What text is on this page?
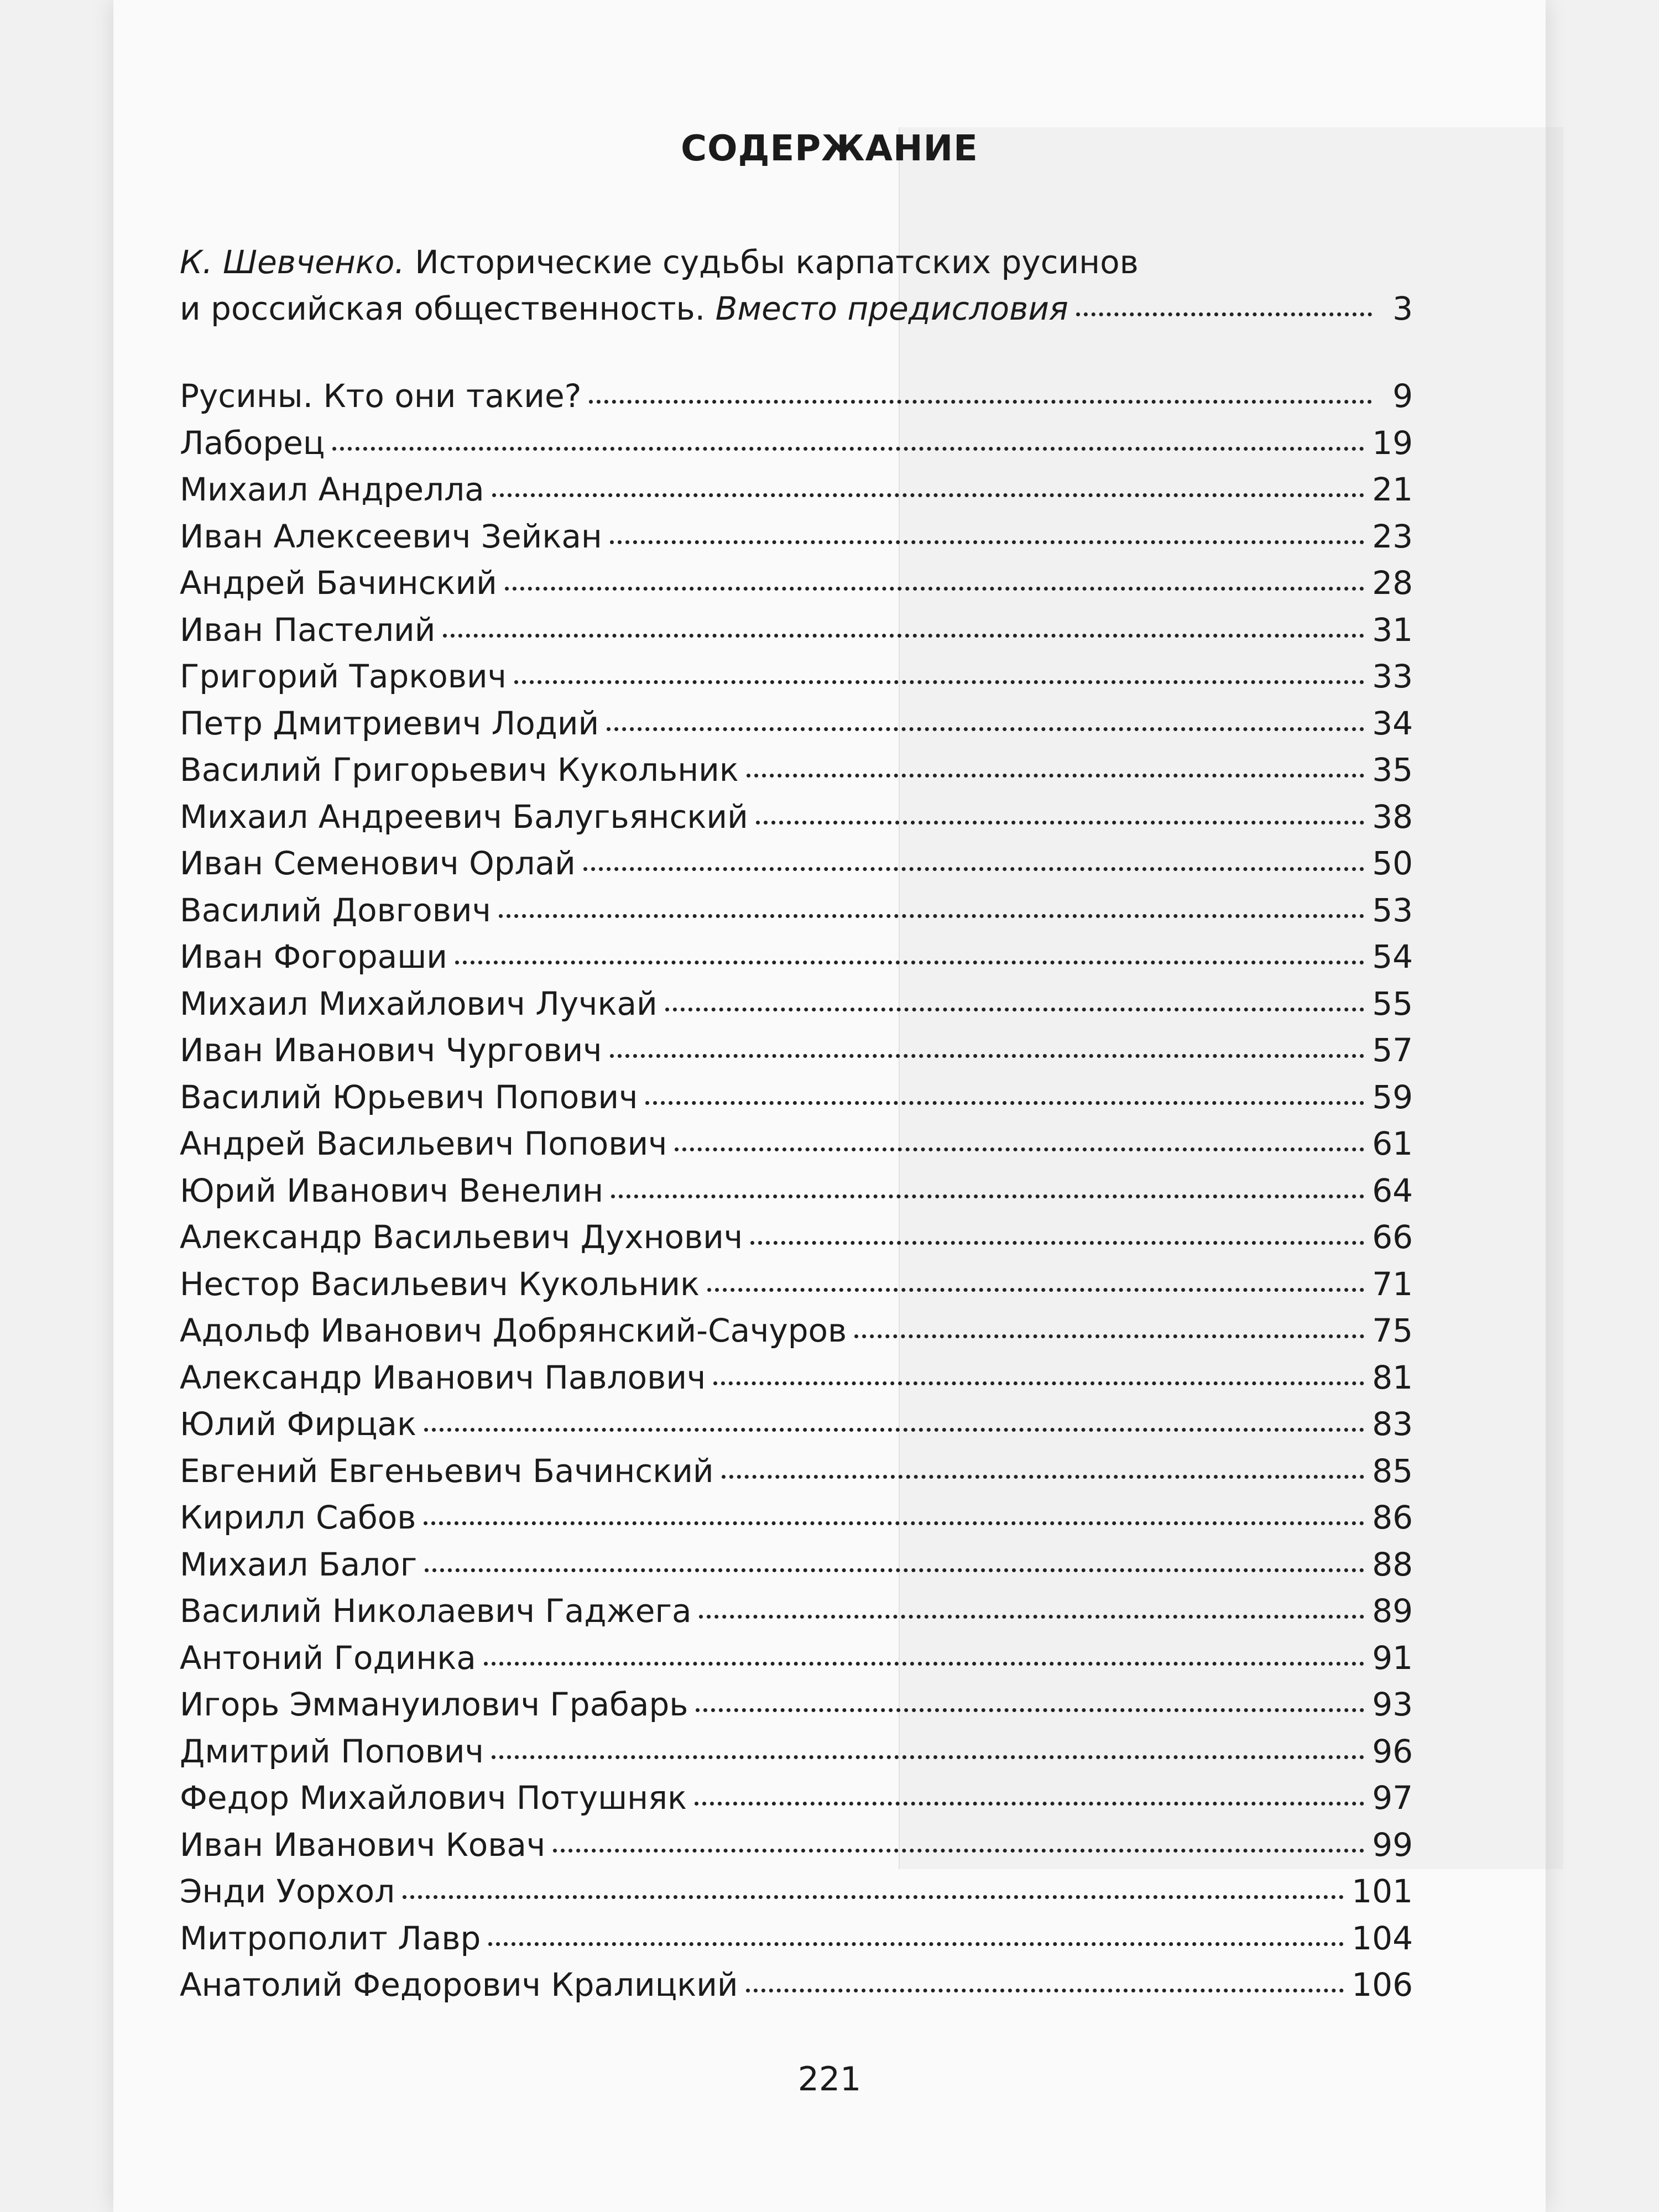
СОДЕРЖАНИЕ
К. Шевченко. Исторические судьбы карпатских русинов
и российская общественность.
Вместо предисловия	3
Русины. Кто они такие?	9
Лаборец	19
Михаил Андрелла	21
Иван Алексеевич Зейкан	23
Андрей Бачинский	28
Иван Пастелий	31
Григорий Таркович	33
Петр Дмитриевич Лодий	34
Василий Григорьевич Кукольник	35
Михаил Андреевич Балугьянский	38
Иван Семенович Орлай	50
Василий Довгович	53
Иван Фогораши	54
Михаил Михайлович Лучкай	55
Иван Иванович Чургович	57
Василий Юрьевич Попович	59
Андрей Васильевич Попович	61
Юрий Иванович Венелин	64
Александр Васильевич Духнович	66
Нестор Васильевич Кукольник	71
Адольф Иванович Добрянский-Сачуров	75
Александр Иванович Павлович	81
Юлий Фирцак	83
Евгений Евгеньевич Бачинский	85
Кирилл Сабов	86
Михаил Балог	88
Василий Николаевич Гаджега	89
Антоний Годинка	91
Игорь Эммануилович Грабарь	93
Дмитрий Попович	96
Федор Михайлович Потушняк	97
Иван Иванович Ковач	99
Энди Уорхол	101
Митрополит Лавр	104
Анатолий Федорович Кралицкий	106
221
